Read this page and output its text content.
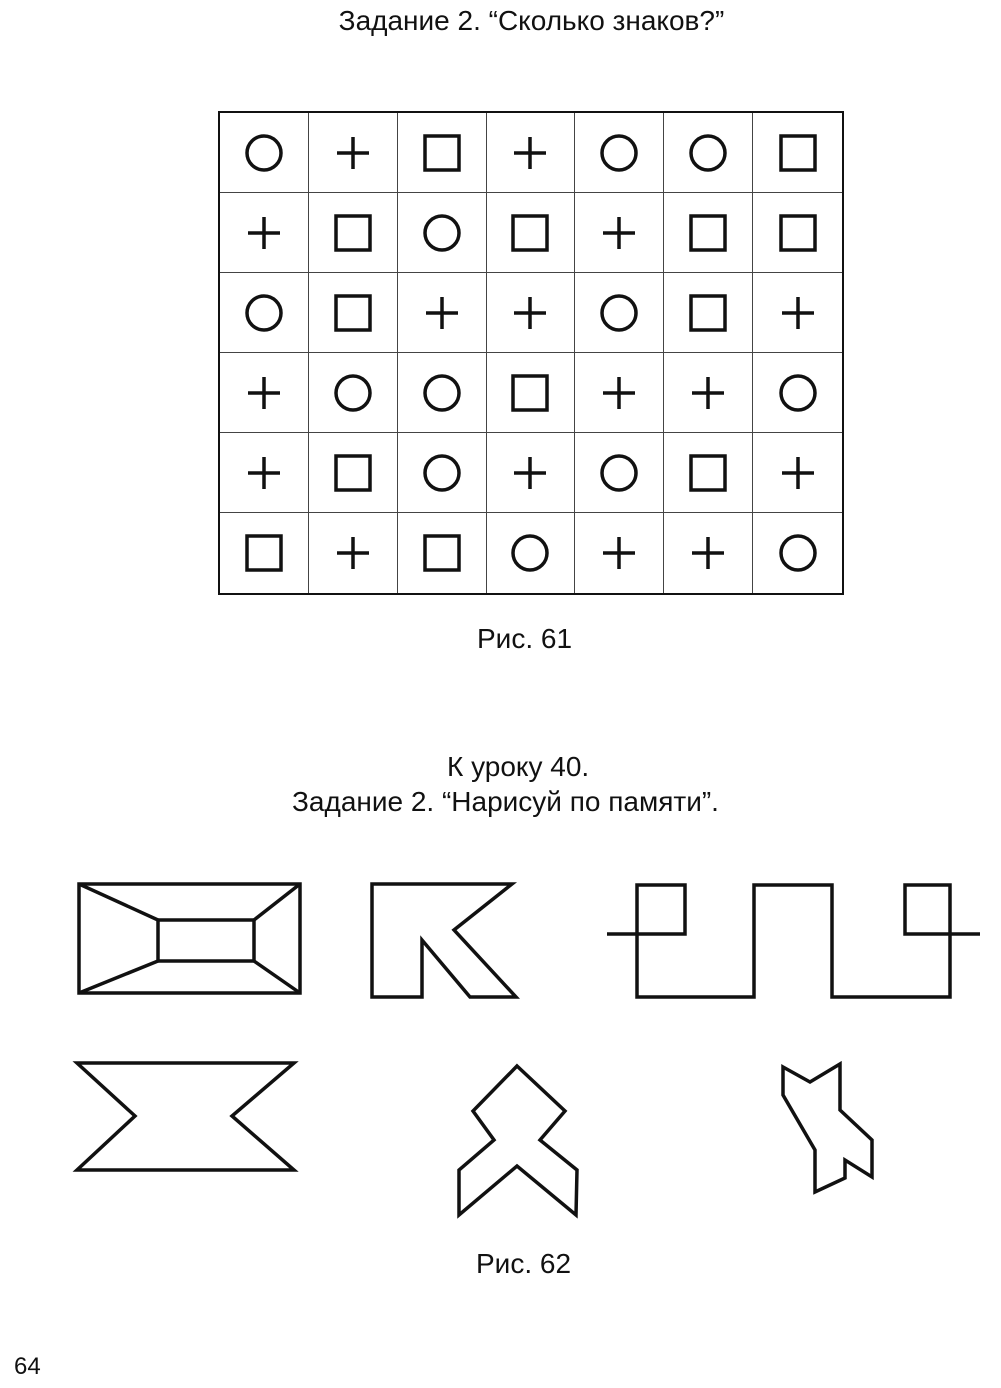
Задание 2. “Сколько знаков?”
Рис. 61
К уроку 40.
Задание 2. “Нарисуй по памяти”.
Рис. 62
64
